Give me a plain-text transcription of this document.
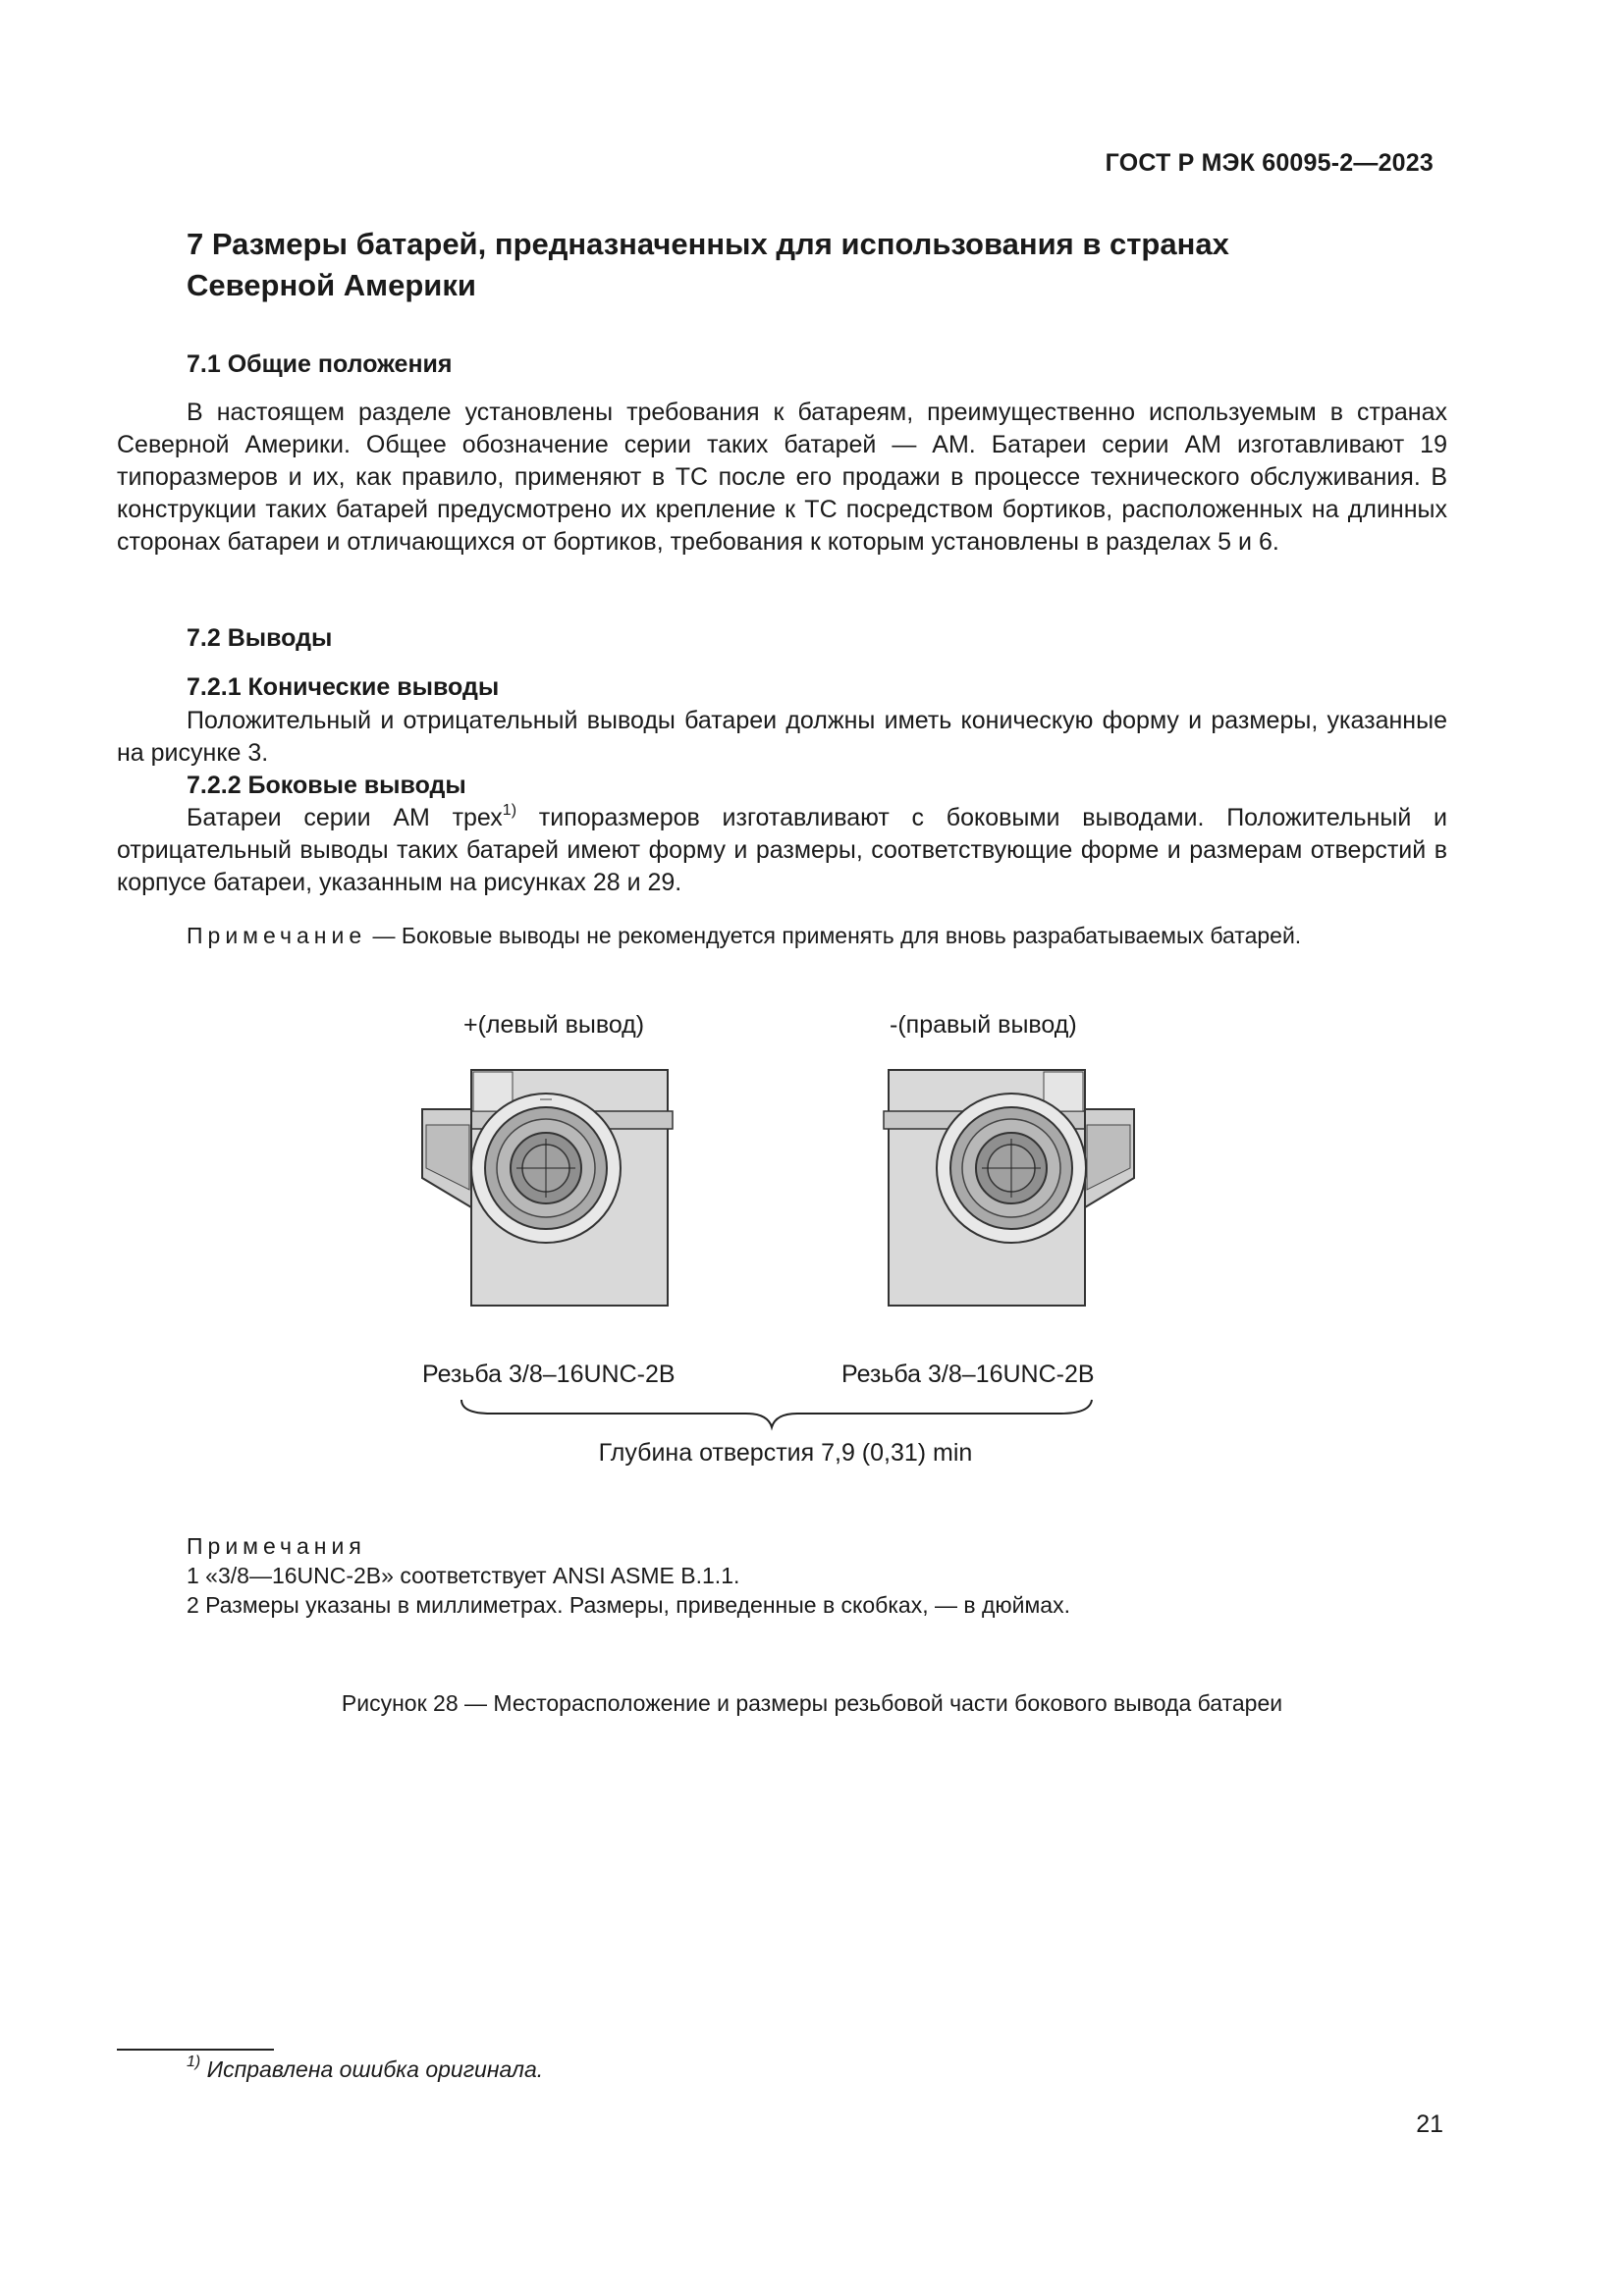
ГОСТ Р МЭК 60095-2—2023
7 Размеры батарей, предназначенных для использования в странах Северной Америки
7.1 Общие положения
В настоящем разделе установлены требования к батареям, преимущественно используемым в странах Северной Америки. Общее обозначение серии таких батарей — АМ. Батареи серии АМ изготавливают 19 типоразмеров и их, как правило, применяют в ТС после его продажи в процессе технического обслуживания. В конструкции таких батарей предусмотрено их крепление к ТС посредством бортиков, расположенных на длинных сторонах батареи и отличающихся от бортиков, требования к которым установлены в разделах 5 и 6.
7.2 Выводы
7.2.1 Конические выводы
Положительный и отрицательный выводы батареи должны иметь коническую форму и размеры, указанные на рисунке 3.
7.2.2 Боковые выводы
Батареи серии АМ трех$^{1)}$ типоразмеров изготавливают с боковыми выводами. Положительный и отрицательный выводы таких батарей имеют форму и размеры, соответствующие форме и размерам отверстий в корпусе батареи, указанным на рисунках 28 и 29.
Примечание — Боковые выводы не рекомендуется применять для вновь разрабатываемых батарей.
+(левый вывод)	-(правый вывод)
Резьба 3/8–16UNC-2B	Резьба 3/8–16UNC-2B
Глубина отверстия 7,9 (0,31) min
Примечания
1 «3/8—16UNC-2B» соответствует ANSI ASME B.1.1.
2 Размеры указаны в миллиметрах. Размеры, приведенные в скобках, — в дюймах.
Рисунок 28 — Месторасположение и размеры резьбовой части бокового вывода батареи
$^{1)}$ Исправлена ошибка оригинала.
21
